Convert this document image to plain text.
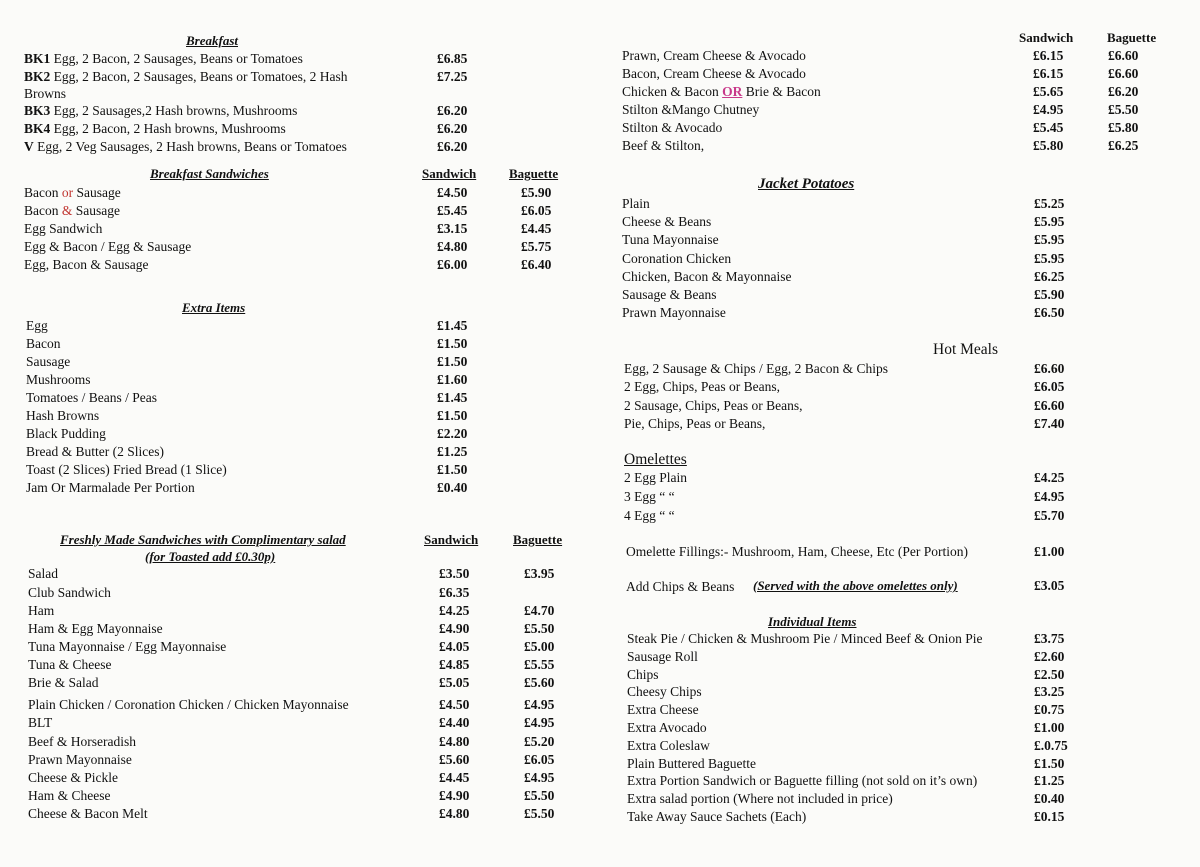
Breakfast
BK1 Egg, 2 Bacon, 2 Sausages, Beans or Tomatoes	£6.85
BK2 Egg, 2 Bacon, 2 Sausages, Beans or Tomatoes, 2 Hash
Browns
£7.25
BK3 Egg, 2 Sausages,2 Hash browns, Mushrooms	£6.20
BK4 Egg, 2 Bacon, 2 Hash browns, Mushrooms	£6.20
V Egg, 2 Veg Sausages, 2 Hash browns, Beans or Tomatoes	£6.20
Breakfast Sandwiches	Sandwich	Baguette
Bacon or Sausage	£4.50	£5.90
Bacon & Sausage	£5.45	£6.05
Egg Sandwich	£3.15	£4.45
Egg & Bacon / Egg & Sausage	£4.80	£5.75
Egg, Bacon & Sausage	£6.00	£6.40
Extra Items
Egg	£1.45
Bacon	£1.50
Sausage	£1.50
Mushrooms	£1.60
Tomatoes / Beans / Peas	£1.45
Hash Browns	£1.50
Black Pudding	£2.20
Bread & Butter (2 Slices)	£1.25
Toast (2 Slices) Fried Bread (1 Slice)	£1.50
Jam Or Marmalade Per Portion	£0.40
Freshly Made Sandwiches with Complimentary salad
(for Toasted add £0.30p)
Sandwich	Baguette
Salad	£3.50	£3.95
Club Sandwich	£6.35
Ham	£4.25	£4.70
Ham & Egg Mayonnaise	£4.90	£5.50
Tuna Mayonnaise / Egg Mayonnaise	£4.05	£5.00
Tuna & Cheese	£4.85	£5.55
Brie & Salad	£5.05	£5.60
Plain Chicken / Coronation Chicken / Chicken Mayonnaise	£4.50	£4.95
BLT	£4.40	£4.95
Beef & Horseradish	£4.80	£5.20
Prawn Mayonnaise	£5.60	£6.05
Cheese & Pickle	£4.45	£4.95
Ham & Cheese	£4.90	£5.50
Cheese & Bacon Melt	£4.80	£5.50
Sandwich	Baguette
Prawn, Cream Cheese & Avocado	£6.15	£6.60
Bacon, Cream Cheese & Avocado	£6.15	£6.60
Chicken & Bacon OR Brie & Bacon	£5.65	£6.20
Stilton &Mango Chutney	£4.95	£5.50
Stilton & Avocado	£5.45	£5.80
Beef & Stilton,	£5.80	£6.25
Jacket Potatoes
Plain	£5.25
Cheese & Beans	£5.95
Tuna Mayonnaise	£5.95
Coronation Chicken	£5.95
Chicken, Bacon & Mayonnaise	£6.25
Sausage & Beans	£5.90
Prawn Mayonnaise	£6.50
Hot Meals
Egg, 2 Sausage & Chips / Egg, 2 Bacon & Chips	£6.60
2 Egg, Chips, Peas or Beans,	£6.05
2 Sausage, Chips, Peas or Beans,	£6.60
Pie, Chips, Peas or Beans,	£7.40
Omelettes
2 Egg Plain	£4.25
3 Egg “ “	£4.95
4 Egg “ “	£5.70
Omelette Fillings:- Mushroom, Ham, Cheese, Etc (Per Portion)	£1.00
Add Chips & Beans (Served with the above omelettes only)	£3.05
Individual Items
Steak Pie / Chicken & Mushroom Pie / Minced Beef & Onion Pie	£3.75
Sausage Roll	£2.60
Chips	£2.50
Cheesy Chips	£3.25
Extra Cheese	£0.75
Extra Avocado	£1.00
Extra Coleslaw	£.0.75
Plain Buttered Baguette	£1.50
Extra Portion Sandwich or Baguette filling (not sold on it’s own)	£1.25
Extra salad portion (Where not included in price)	£0.40
Take Away Sauce Sachets (Each)	£0.15
